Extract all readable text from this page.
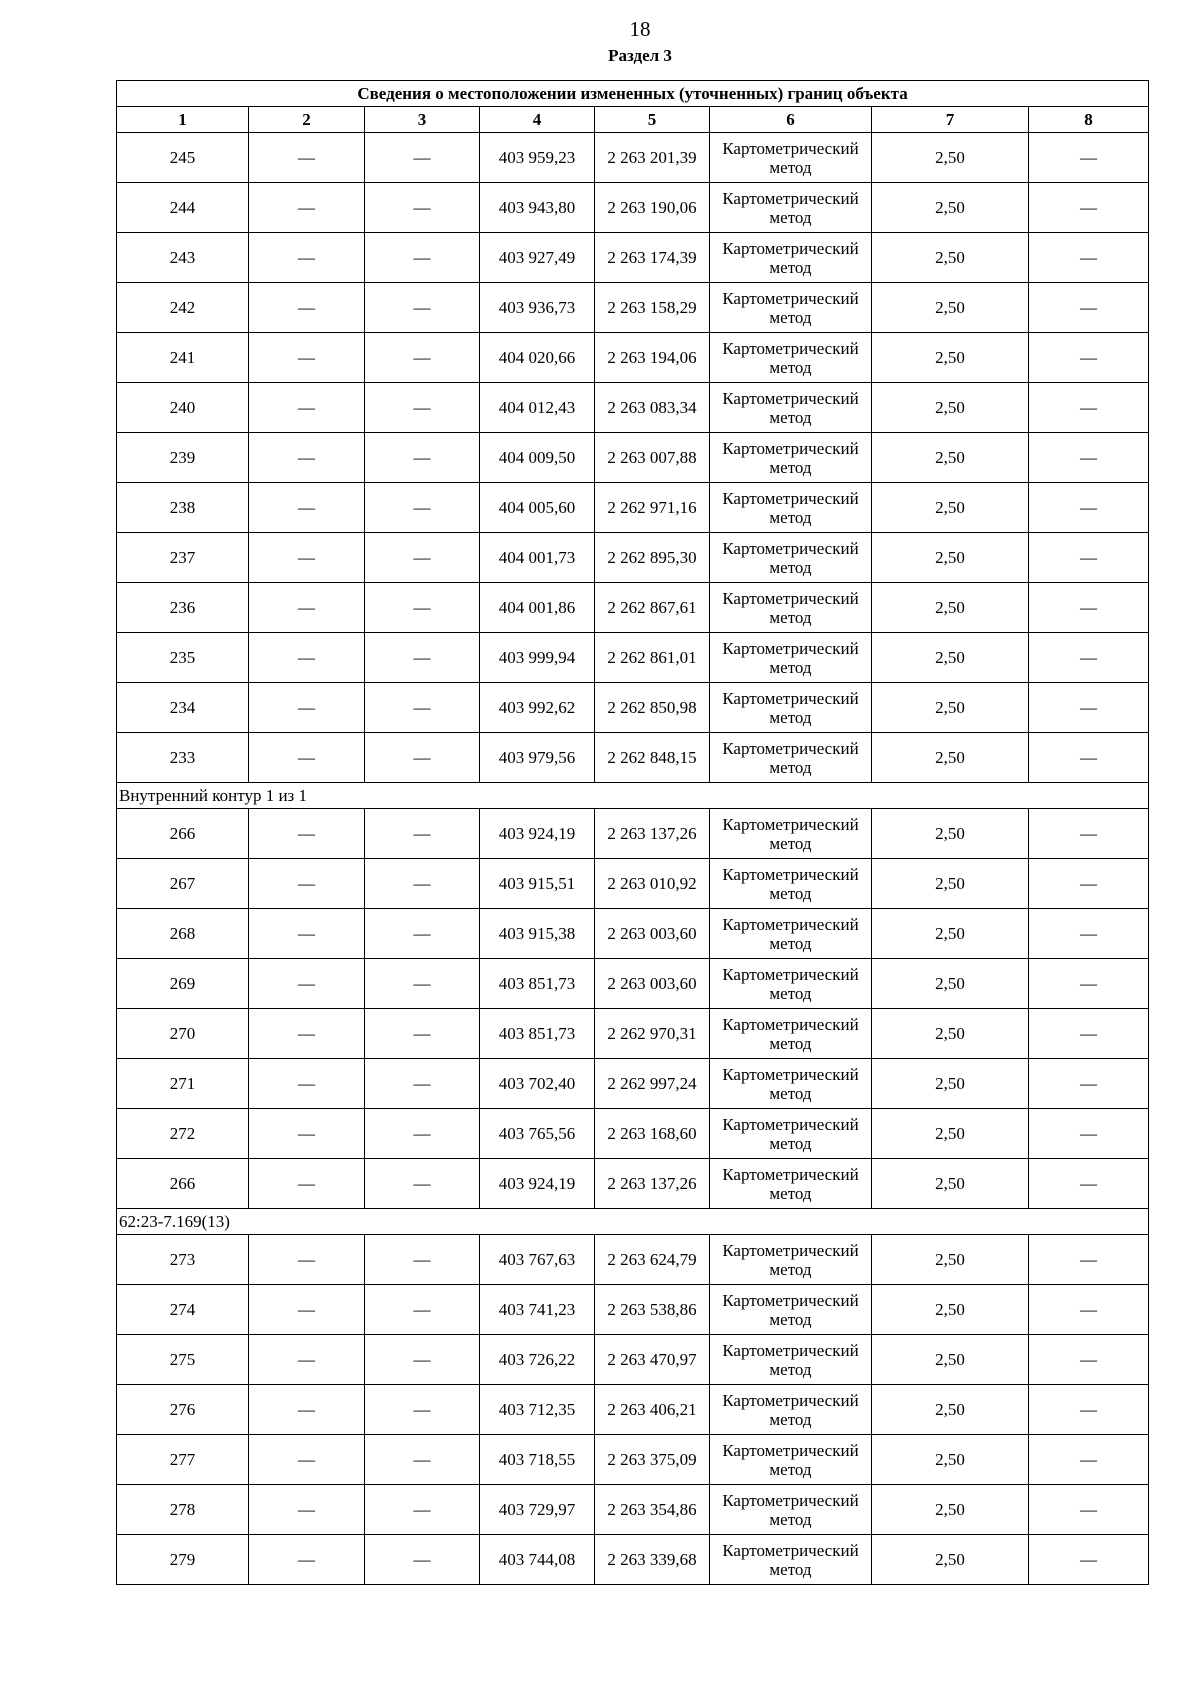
18
Раздел 3
Сведения о местоположении измененных (уточненных) границ объекта							
1	2	3	4	5	6	7	8
245	—	—	403 959,23	2 263 201,39	Картометрический метод	2,50	—
244	—	—	403 943,80	2 263 190,06	Картометрический метод	2,50	—
243	—	—	403 927,49	2 263 174,39	Картометрический метод	2,50	—
242	—	—	403 936,73	2 263 158,29	Картометрический метод	2,50	—
241	—	—	404 020,66	2 263 194,06	Картометрический метод	2,50	—
240	—	—	404 012,43	2 263 083,34	Картометрический метод	2,50	—
239	—	—	404 009,50	2 263 007,88	Картометрический метод	2,50	—
238	—	—	404 005,60	2 262 971,16	Картометрический метод	2,50	—
237	—	—	404 001,73	2 262 895,30	Картометрический метод	2,50	—
236	—	—	404 001,86	2 262 867,61	Картометрический метод	2,50	—
235	—	—	403 999,94	2 262 861,01	Картометрический метод	2,50	—
234	—	—	403 992,62	2 262 850,98	Картометрический метод	2,50	—
233	—	—	403 979,56	2 262 848,15	Картометрический метод	2,50	—
Внутренний контур 1 из 1							
266	—	—	403 924,19	2 263 137,26	Картометрический метод	2,50	—
267	—	—	403 915,51	2 263 010,92	Картометрический метод	2,50	—
268	—	—	403 915,38	2 263 003,60	Картометрический метод	2,50	—
269	—	—	403 851,73	2 263 003,60	Картометрический метод	2,50	—
270	—	—	403 851,73	2 262 970,31	Картометрический метод	2,50	—
271	—	—	403 702,40	2 262 997,24	Картометрический метод	2,50	—
272	—	—	403 765,56	2 263 168,60	Картометрический метод	2,50	—
266	—	—	403 924,19	2 263 137,26	Картометрический метод	2,50	—
62:23-7.169(13)							
273	—	—	403 767,63	2 263 624,79	Картометрический метод	2,50	—
274	—	—	403 741,23	2 263 538,86	Картометрический метод	2,50	—
275	—	—	403 726,22	2 263 470,97	Картометрический метод	2,50	—
276	—	—	403 712,35	2 263 406,21	Картометрический метод	2,50	—
277	—	—	403 718,55	2 263 375,09	Картометрический метод	2,50	—
278	—	—	403 729,97	2 263 354,86	Картометрический метод	2,50	—
279	—	—	403 744,08	2 263 339,68	Картометрический метод	2,50	—
